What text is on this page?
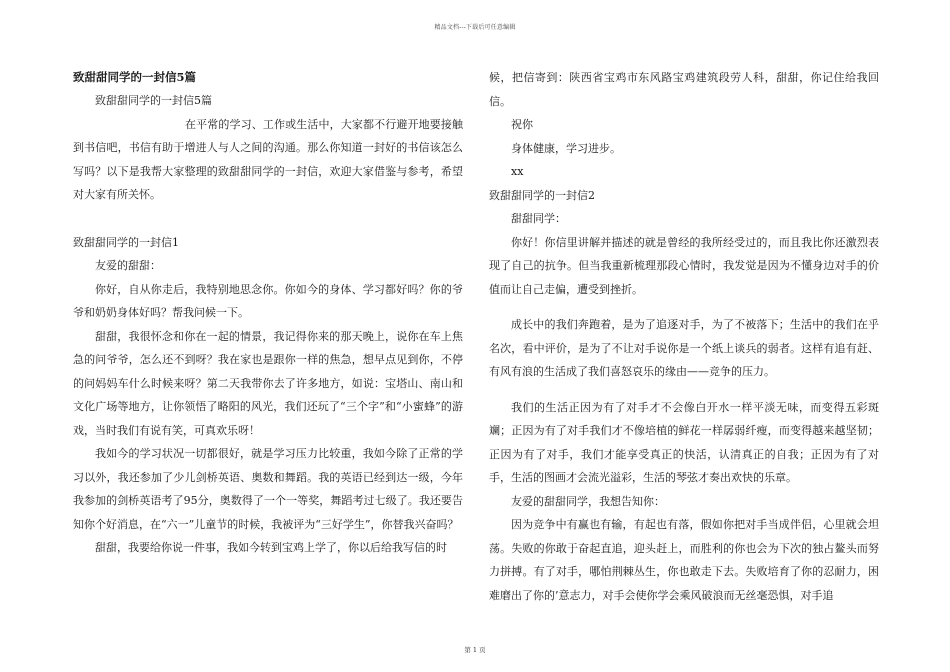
精品文档---下载后可任意编辑

致甜甜同学的一封信5篇

致甜甜同学的一封信5篇

在平常的学习、工作或生活中，大家都不行避开地要接触到书信吧，书信有助于增进人与人之间的沟通。那么你知道一封好的书信该怎么写吗？以下是我帮大家整理的致甜甜同学的一封信，欢迎大家借鉴与参考，希望对大家有所关怀。

致甜甜同学的一封信1

友爱的甜甜：

你好，自从你走后，我特别地思念你。你如今的身体、学习都好吗？你的爷爷和奶奶身体好吗？帮我问候一下。

甜甜，我很怀念和你在一起的情景，我记得你来的那天晚上，说你在车上焦急的问爷爷，怎么还不到呀？我在家也是跟你一样的焦急，想早点见到你，不停的问妈妈车什么时候来呀？第二天我带你去了许多地方，如说：宝塔山、南山和文化广场等地方，让你领悟了略阳的风光，我们还玩了“三个字”和“小蜜蜂”的游戏，当时我们有说有笑，可真欢乐呀！

我如今的学习状况一切都很好，就是学习压力比较重，我如今除了正常的学习以外，我还参加了少儿剑桥英语、奥数和舞蹈。我的英语已经到达一级，今年我参加的剑桥英语考了95分，奥数得了一个一等奖，舞蹈考过七级了。我还要告知你个好消息，在“六一”儿童节的时候，我被评为“三好学生”，你替我兴奋吗？

甜甜，我要给你说一件事，我如今转到宝鸡上学了，你以后给我写信的时

候，把信寄到：陕西省宝鸡市东风路宝鸡建筑段劳人科，甜甜，你记住给我回信。

祝你

身体健康，学习进步。

xx

致甜甜同学的一封信2

甜甜同学：

你好！你信里讲解并描述的就是曾经的我所经受过的，而且我比你还激烈表现了自己的抗争。但当我重新梳理那段心情时，我发觉是因为不懂身边对手的价值而让自己走偏，遭受到挫折。

成长中的我们奔跑着，是为了追逐对手，为了不被落下；生活中的我们在乎名次，看中评价，是为了不让对手说你是一个纸上谈兵的弱者。这样有追有赶、有风有浪的生活成了我们喜怒哀乐的缘由——竞争的压力。

我们的生活正因为有了对手才不会像白开水一样平淡无味，而变得五彩斑斓；正因为有了对手我们才不像培植的鲜花一样孱弱纤瘦，而变得越来越坚韧；正因为有了对手，我们才能享受真正的快活，认清真正的自我；正因为有了对手，生活的图画才会流光溢彩，生活的琴弦才奏出欢快的乐章。

友爱的甜甜同学，我想告知你：

因为竞争中有赢也有输，有起也有落，假如你把对手当成伴侣，心里就会坦荡。失败的你敢于奋起直追，迎头赶上，而胜利的你也会为下次的独占鳌头而努力拼搏。有了对手，哪怕荆棘丛生，你也敢走下去。失败培育了你的忍耐力，困难磨出了你的’意志力，对手会使你学会乘风破浪而无丝毫恐惧，对手追

第 1 页
